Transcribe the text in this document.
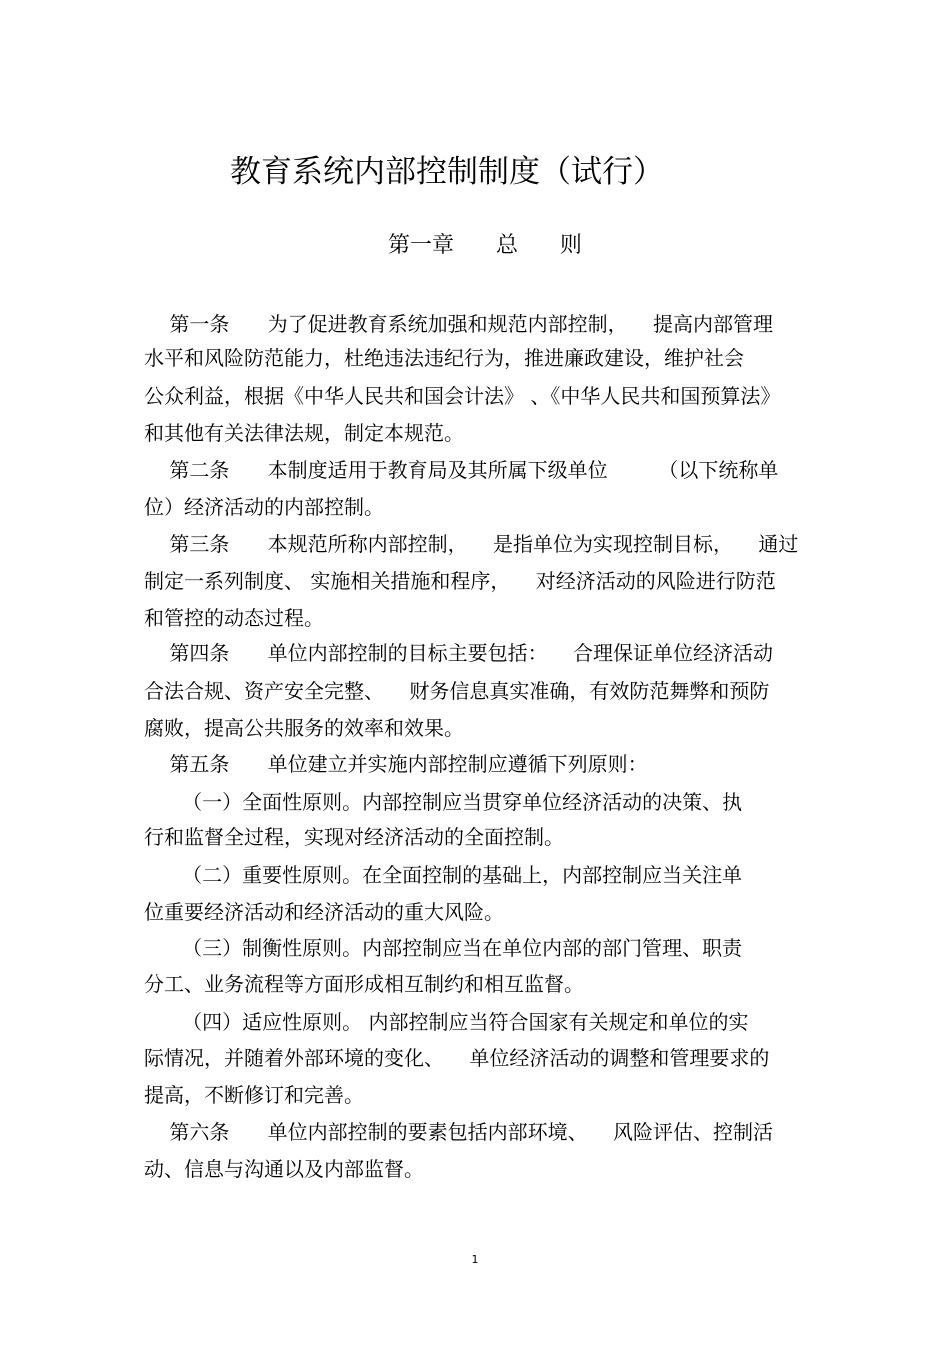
教育系统内部控制制度（试行）
第一章      总      则
第一条      为了促进教育系统加强和规范内部控制，    提高内部管理
水平和风险防范能力，杜绝违法违纪行为，推进廉政建设，维护社会
公众利益，根据《中华人民共和国会计法》 、《中华人民共和国预算法》
和其他有关法律法规，制定本规范。
第二条      本制度适用于教育局及其所属下级单位        （以下统称单
位）经济活动的内部控制。
第三条      本规范所称内部控制，    是指单位为实现控制目标，    通过
制定一系列制度、 实施相关措施和程序，    对经济活动的风险进行防范
和管控的动态过程。
第四条      单位内部控制的目标主要包括：    合理保证单位经济活动
合法合规、资产安全完整、    财务信息真实准确，有效防范舞弊和预防
腐败，提高公共服务的效率和效果。
第五条      单位建立并实施内部控制应遵循下列原则：
（一）全面性原则。内部控制应当贯穿单位经济活动的决策、执
行和监督全过程，实现对经济活动的全面控制。
（二）重要性原则。在全面控制的基础上，内部控制应当关注单
位重要经济活动和经济活动的重大风险。
（三）制衡性原则。内部控制应当在单位内部的部门管理、职责
分工、业务流程等方面形成相互制约和相互监督。
（四）适应性原则。 内部控制应当符合国家有关规定和单位的实
际情况，并随着外部环境的变化、    单位经济活动的调整和管理要求的
提高，不断修订和完善。
第六条      单位内部控制的要素包括内部环境、    风险评估、控制活
动、信息与沟通以及内部监督。
1
